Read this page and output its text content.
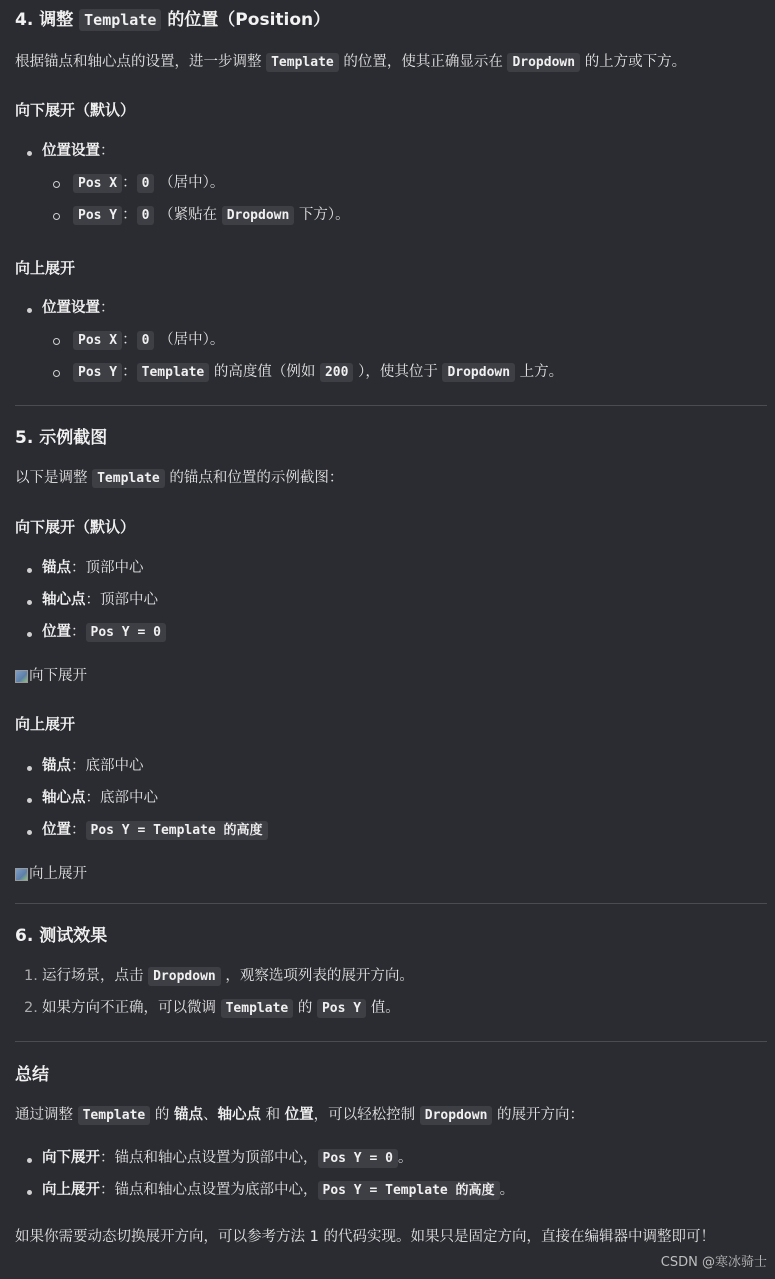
4. 调整 Template 的位置（Position）

根据锚点和轴心点的设置，进一步调整 Template 的位置，使其正确显示在 Dropdown 的上方或下方。

向下展开（默认）
位置设置：
Pos X ： 0 （居中）。
Pos Y ： 0 （紧贴在 Dropdown 下方）。
向上展开
位置设置：
Pos X ： 0 （居中）。
Pos Y ： Template 的高度值（例如 200 ），使其位于 Dropdown 上方。
5. 示例截图

以下是调整 Template 的锚点和位置的示例截图：

向下展开（默认）
锚点：顶部中心
轴心点：顶部中心
位置： Pos Y = 0
向下展开
向上展开
锚点：底部中心
轴心点：底部中心
位置： Pos Y = Template 的高度
向上展开
6. 测试效果
1. 运行场景，点击 Dropdown ，观察选项列表的展开方向。
2. 如果方向不正确，可以微调 Template 的 Pos Y 值。
总结

通过调整 Template 的 锚点、轴心点 和 位置，可以轻松控制 Dropdown 的展开方向：

向下展开：锚点和轴心点设置为顶部中心， Pos Y = 0 。
向上展开：锚点和轴心点设置为底部中心， Pos Y = Template 的高度 。

如果你需要动态切换展开方向，可以参考方法 1 的代码实现。如果只是固定方向，直接在编辑器中调整即可！

CSDN @寒冰骑士
